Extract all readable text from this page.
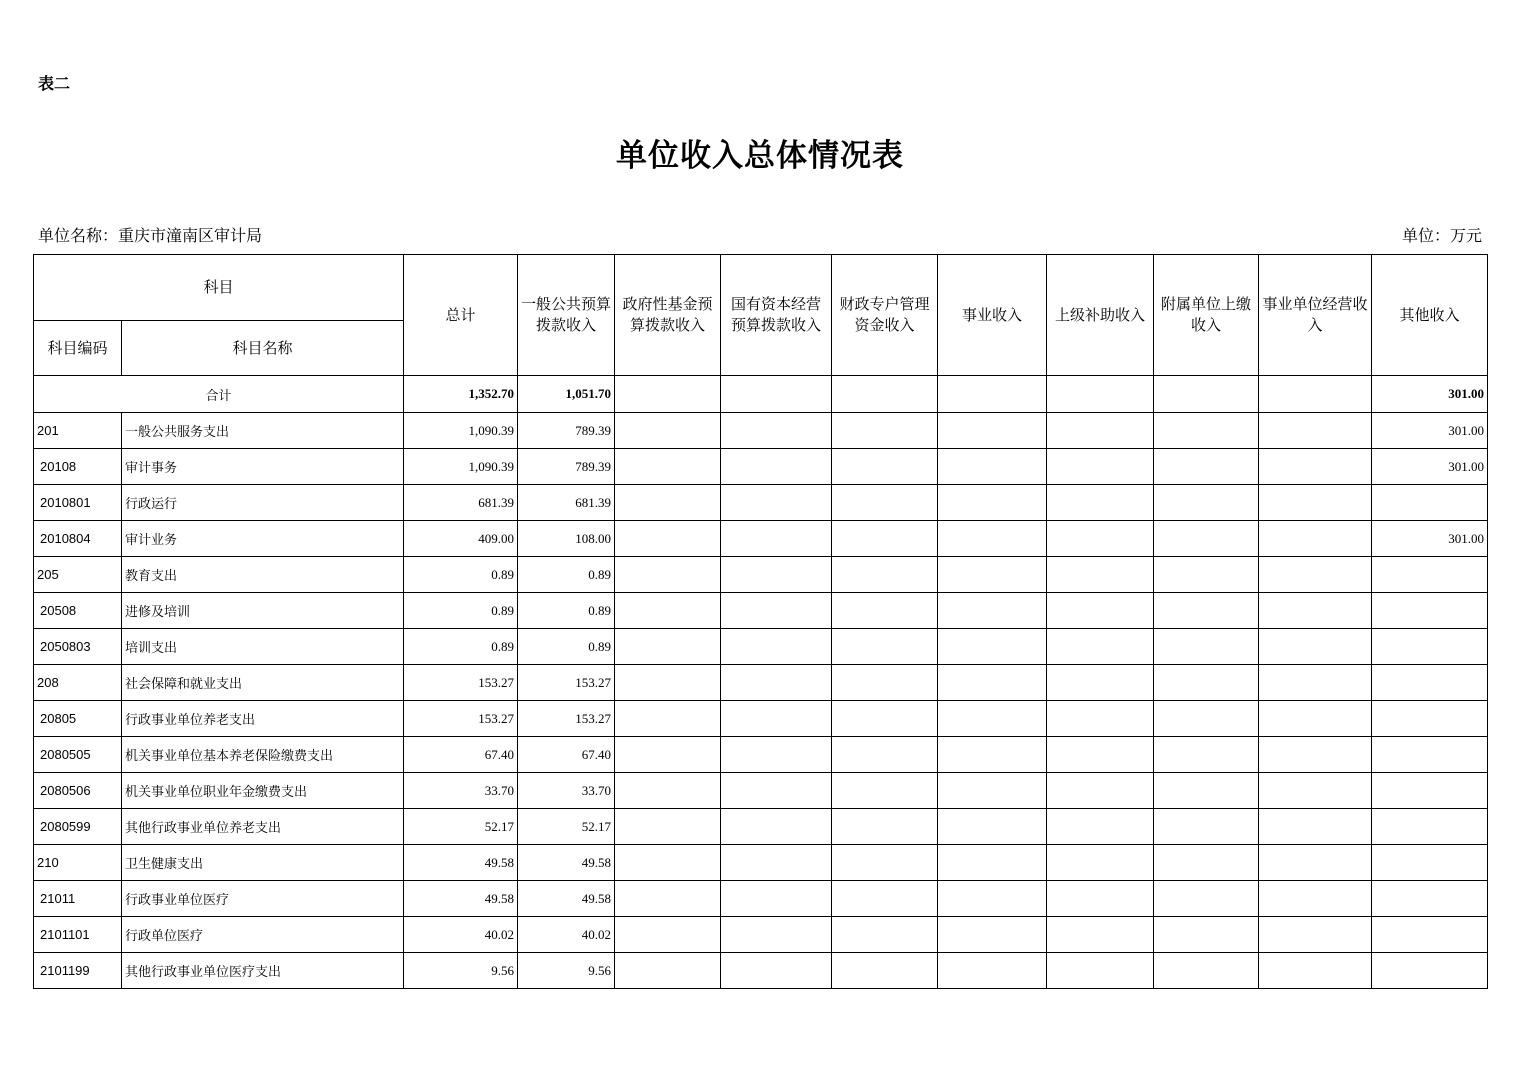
表二
单位收入总体情况表
单位名称：重庆市潼南区审计局	单位：万元
科目		总计	一般公共预算拨款收入	政府性基金预算拨款收入	国有资本经营预算拨款收入	财政专户管理资金收入	事业收入	上级补助收入	附属单位上缴收入	事业单位经营收入	其他收入
科目编码	科目名称										
合计		1,352.70	1,051.70								301.00
201	一般公共服务支出	1,090.39	789.39								301.00
20108	审计事务	1,090.39	789.39								301.00
2010801	行政运行	681.39	681.39								
2010804	审计业务	409.00	108.00								301.00
205	教育支出	0.89	0.89								
20508	进修及培训	0.89	0.89								
2050803	培训支出	0.89	0.89								
208	社会保障和就业支出	153.27	153.27								
20805	行政事业单位养老支出	153.27	153.27								
2080505	机关事业单位基本养老保险缴费支出	67.40	67.40								
2080506	机关事业单位职业年金缴费支出	33.70	33.70								
2080599	其他行政事业单位养老支出	52.17	52.17								
210	卫生健康支出	49.58	49.58								
21011	行政事业单位医疗	49.58	49.58								
2101101	行政单位医疗	40.02	40.02								
2101199	其他行政事业单位医疗支出	9.56	9.56								
